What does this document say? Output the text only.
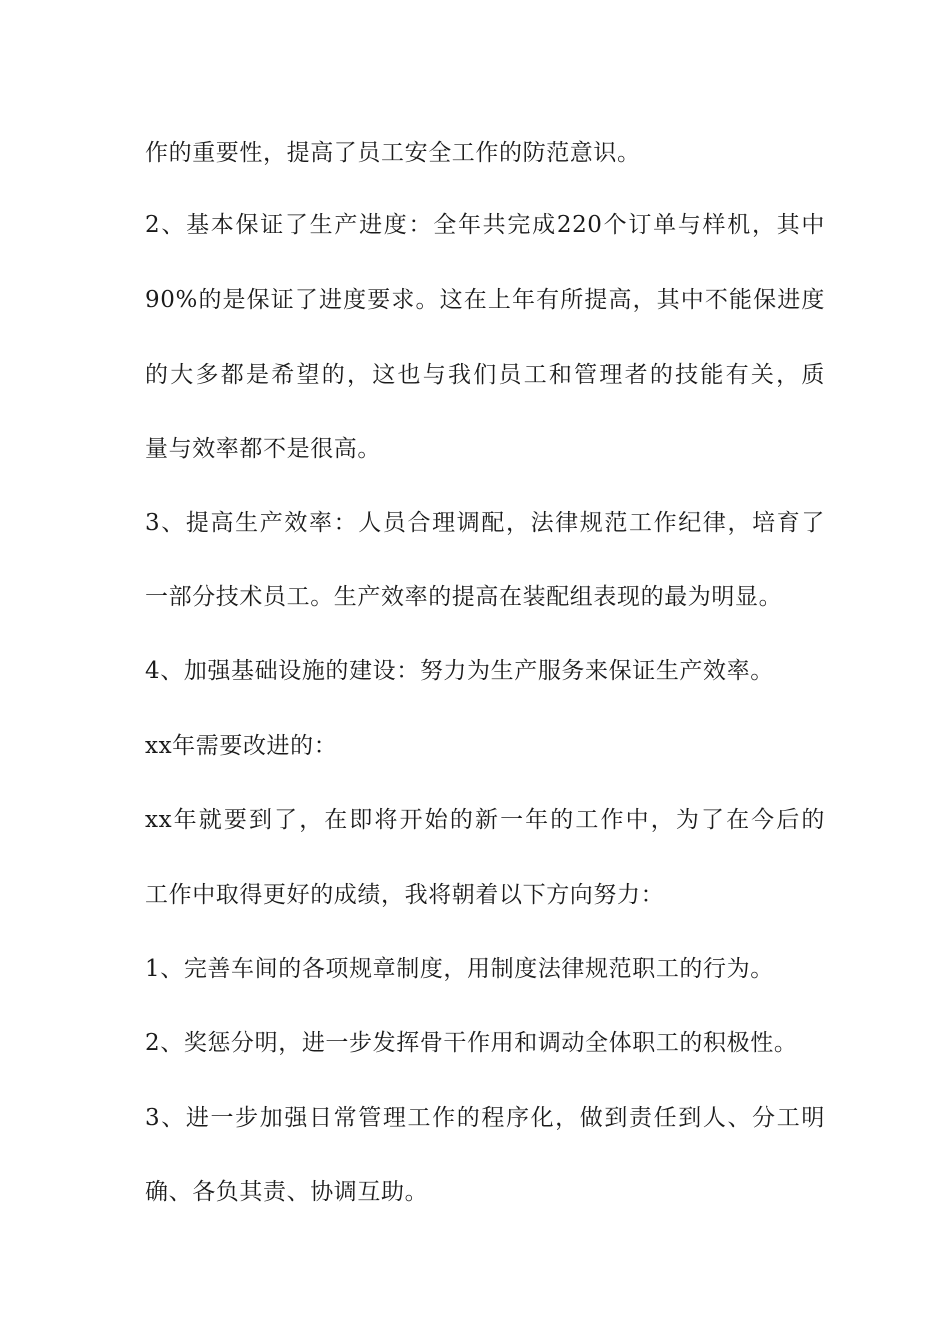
作的重要性，提高了员工安全工作的防范意识。
2、基本保证了生产进度：全年共完成220个订单与样机，其中
90%的是保证了进度要求。这在上年有所提高，其中不能保进度
的大多都是希望的，这也与我们员工和管理者的技能有关，质
量与效率都不是很高。
3、提高生产效率：人员合理调配，法律规范工作纪律，培育了
一部分技术员工。生产效率的提高在装配组表现的最为明显。
4、加强基础设施的建设：努力为生产服务来保证生产效率。
xx年需要改进的：
xx年就要到了，在即将开始的新一年的工作中，为了在今后的
工作中取得更好的成绩，我将朝着以下方向努力：
1、完善车间的各项规章制度，用制度法律规范职工的行为。
2、奖惩分明，进一步发挥骨干作用和调动全体职工的积极性。
3、进一步加强日常管理工作的程序化，做到责任到人、分工明
确、各负其责、协调互助。
